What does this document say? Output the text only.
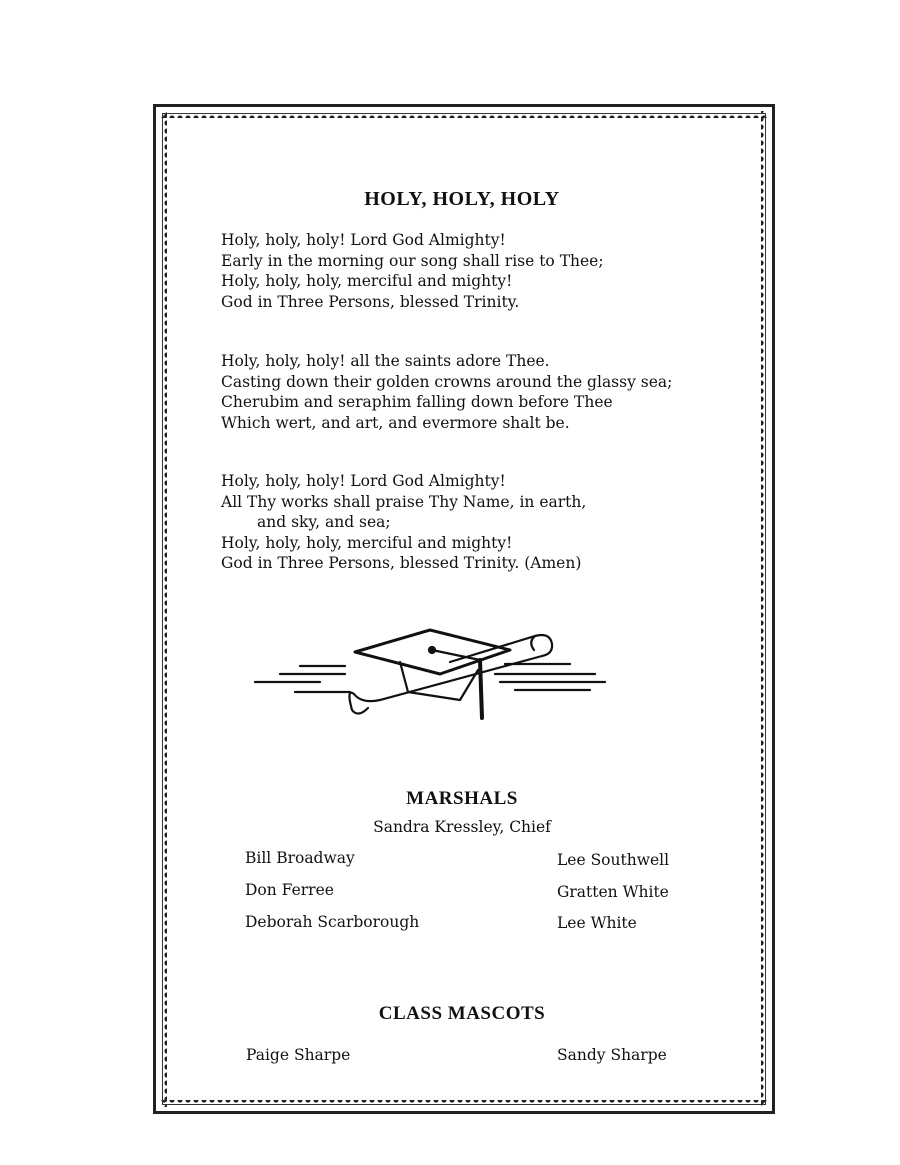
HOLY, HOLY, HOLY
Holy, holy, holy! Lord God Almighty!
Early in the morning our song shall rise to Thee;
Holy, holy, holy, merciful and mighty!
God in Three Persons, blessed Trinity.
Holy, holy, holy! all the saints adore Thee.
Casting down their golden crowns around the glassy sea;
Cherubim and seraphim falling down before Thee
Which wert, and art, and evermore shalt be.
Holy, holy, holy! Lord God Almighty!
All Thy works shall praise Thy Name, in earth,
and sky, and sea;
Holy, holy, holy, merciful and mighty!
God in Three Persons, blessed Trinity. (Amen)
MARSHALS
Sandra Kressley, Chief
Bill Broadway
Don Ferree
Deborah Scarborough
Lee Southwell
Gratten White
Lee White
CLASS MASCOTS
Paige Sharpe	Sandy Sharpe
